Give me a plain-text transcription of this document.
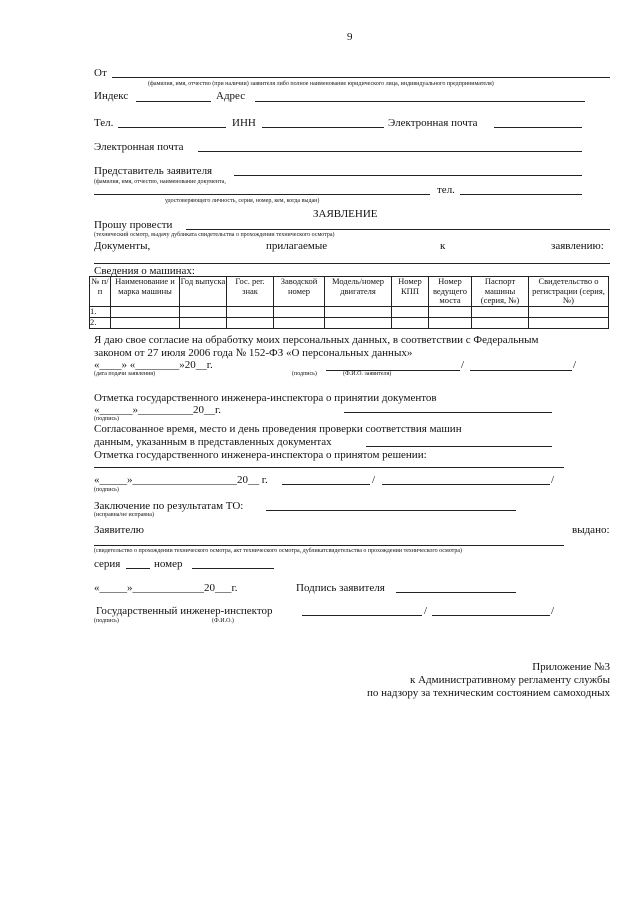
9
От
(фамилия, имя, отчество (при наличии) заявителя либо полное наименование юридического лица, индивидуального предпринимателя)
Индекс	Адрес
Тел.	ИНН	Электронная почта
Электронная почта
Представитель заявителя
(фамилия, имя, отчество, наименование документа,
тел.
удостоверяющего личность, серия, номер, кем, когда выдан)
ЗАЯВЛЕНИЕ
Прошу провести
(технический осмотр, выдачу дубликата свидетельства о прохождении технического осмотра)
Документы,	прилагаемые	к	заявлению:
Сведения о машинах:
№ п/п	Наименование и марка машины	Год выпуска	Гос. рег. знак	Заводской номер	Модель/номер двигателя	Номер КПП	Номер ведущего моста	Паспорт машины (серия, №)	Свидетельство о регистрации (серия, №)
1.									
2.									
Я даю свое согласие на обработку моих персональных данных, в соответствии с Федеральным
законом от 27 июля 2006 года № 152-ФЗ «О персональных данных»
«____» «________»20__г.	/	/
(дата подачи заявления)	(подпись)	(Ф.И.О. заявителя)
Отметка государственного инженера-инспектора о принятии документов
«______»__________20__г.
(подпись)
Согласованное время, место и день проведения проверки соответствия машин
данным, указанным в представленных документах
Отметка государственного инженера-инспектора о принятом решении:
«_____»___________________20__ г.	/	/
(подпись)
Заключение по результатам ТО:
(исправна/не исправна)
Заявителю	выдано:
(свидетельство о прохождении технического осмотра, акт технического осмотра, дубликатсвидетельства о прохождении технического осмотра)
серия	номер
«_____»_____________20___г.	Подпись заявителя
Государственный инженер-инспектор	/	/
(подпись)	(Ф.И.О.)
Приложение №3
к Административному регламенту службы
по надзору за техническим состоянием самоходных
